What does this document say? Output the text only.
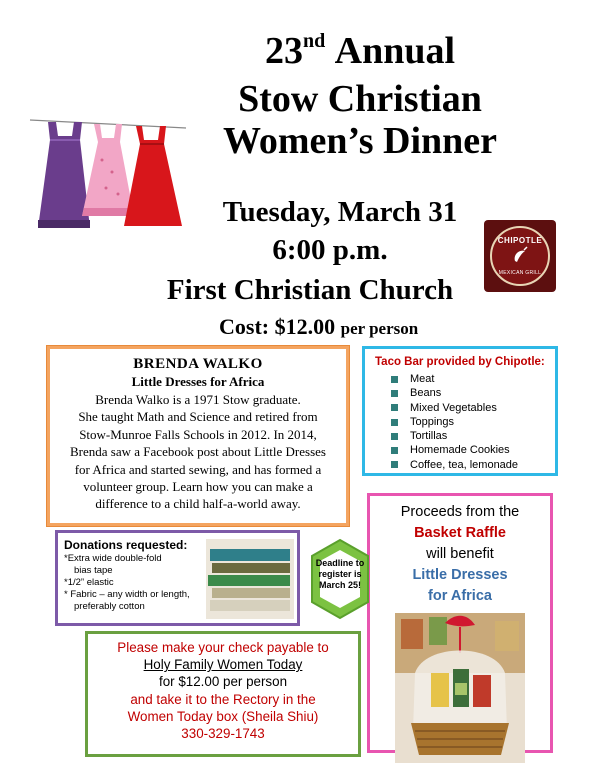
23nd Annual
Stow Christian
Women’s Dinner
Tuesday, March 31
6:00 p.m.
First Christian Church
Cost: $12.00 per person
CHIPOTLE
MEXICAN GRILL
BRENDA WALKO
Little Dresses for Africa
Brenda Walko is a 1971 Stow graduate.
She taught Math and Science and retired from
Stow-Munroe Falls Schools in 2012. In 2014,
Brenda saw a Facebook post about Little Dresses
for Africa and started sewing, and has formed a
volunteer group. Learn how you can make a
difference to a child half-a-world away.
Taco Bar provided by Chipotle:
Meat
Beans
Mixed Vegetables
Toppings
Tortillas
Homemade Cookies
Coffee, tea, lemonade
Proceeds from the
Basket Raffle
will benefit
Little Dresses
for Africa
Donations requested:
*Extra wide double-fold
bias tape
*1/2” elastic
* Fabric – any width or length,
preferably cotton
Deadline to
register is
March 25!
Please make your check payable to
Holy Family Women Today
for $12.00 per person
and take it to the Rectory in the
Women Today box (Sheila Shiu)
330-329-1743
